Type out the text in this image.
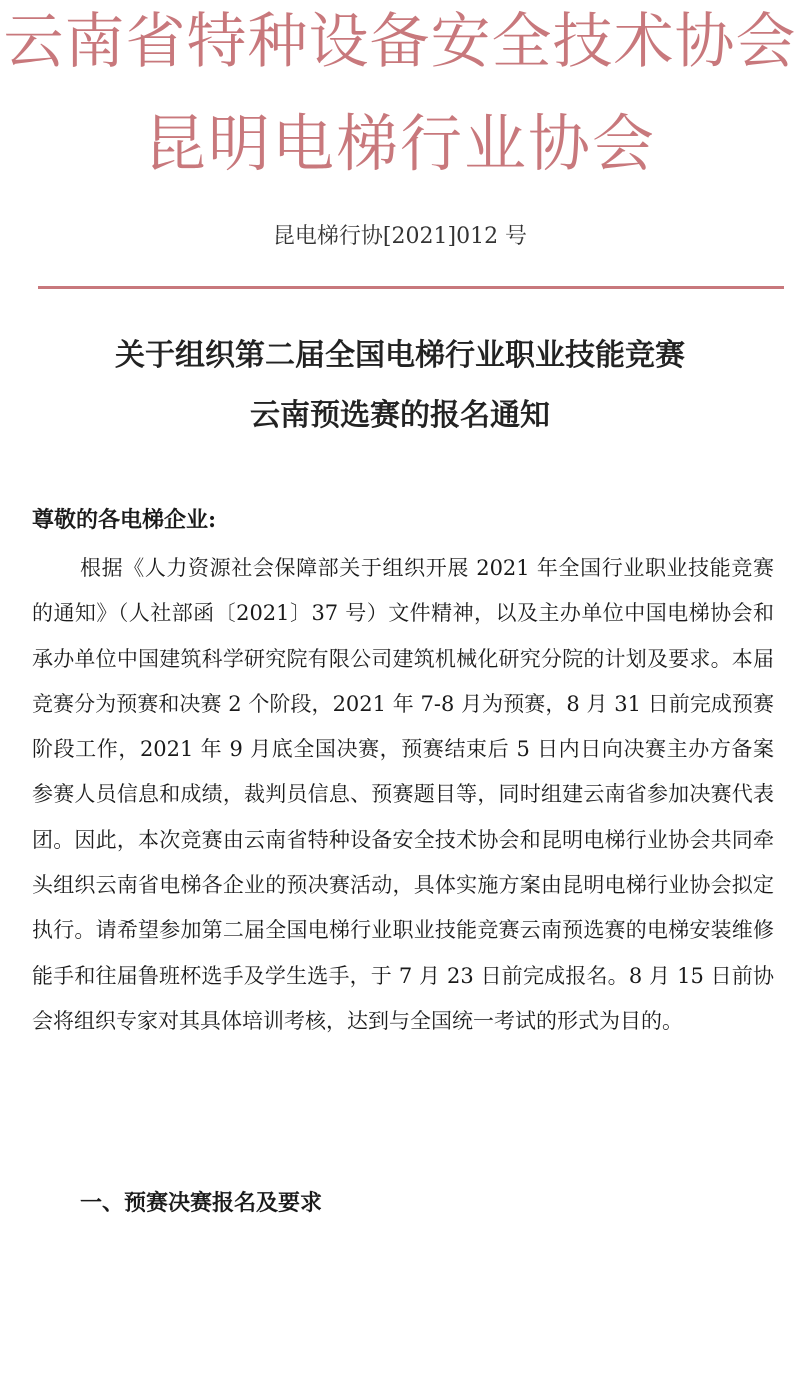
云南省特种设备安全技术协会
昆明电梯行业协会
昆电梯行协[2021]012 号
关于组织第二届全国电梯行业职业技能竞赛
云南预选赛的报名通知
尊敬的各电梯企业:
根据《人力资源社会保障部关于组织开展 2021 年全国行业职业技能竞赛的通知》（人社部函〔2021〕37 号）文件精神，以及主办单位中国电梯协会和承办单位中国建筑科学研究院有限公司建筑机械化研究分院的计划及要求。本届竞赛分为预赛和决赛 2 个阶段，2021 年 7-8 月为预赛，8 月 31 日前完成预赛阶段工作，2021 年 9 月底全国决赛，预赛结束后 5 日内日向决赛主办方备案参赛人员信息和成绩，裁判员信息、预赛题目等，同时组建云南省参加决赛代表团。因此，本次竞赛由云南省特种设备安全技术协会和昆明电梯行业协会共同牵头组织云南省电梯各企业的预决赛活动，具体实施方案由昆明电梯行业协会拟定执行。请希望参加第二届全国电梯行业职业技能竞赛云南预选赛的电梯安装维修能手和往届鲁班杯选手及学生选手，于 7 月 23 日前完成报名。8 月 15 日前协会将组织专家对其具体培训考核，达到与全国统一考试的形式为目的。
一、预赛决赛报名及要求
